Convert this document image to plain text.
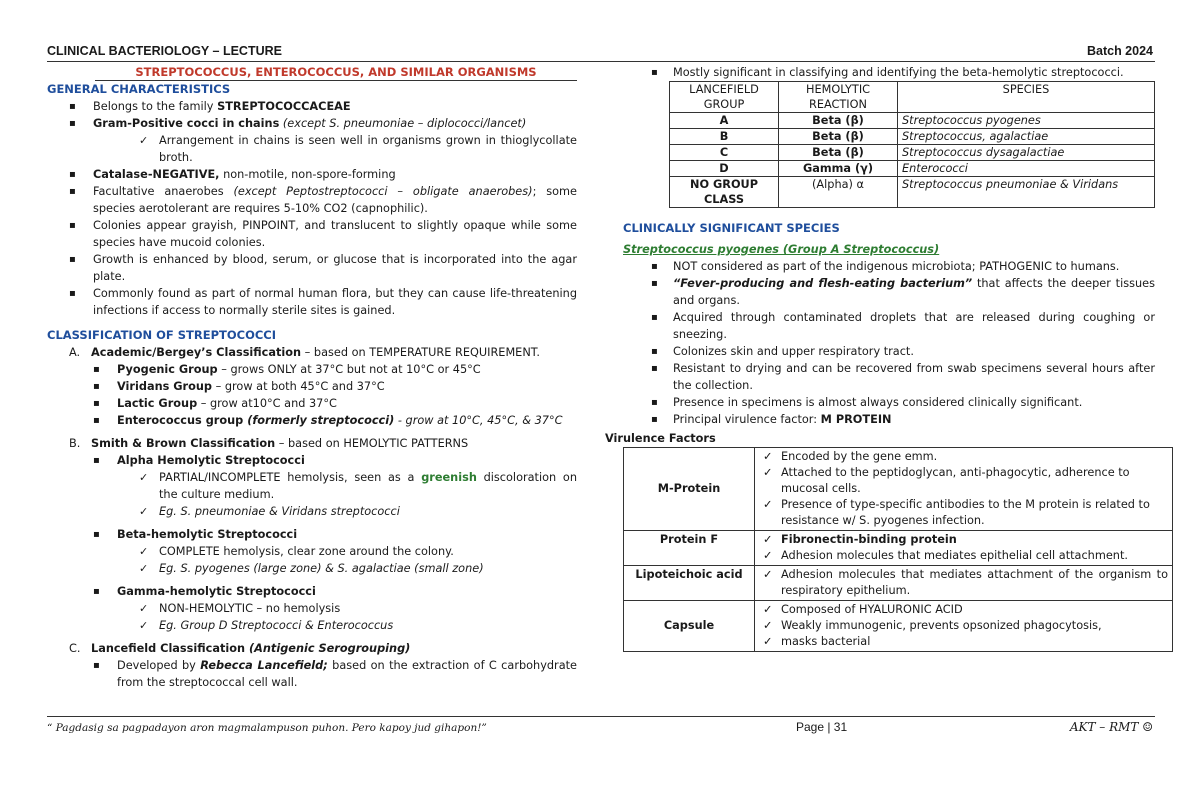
CLINICAL BACTERIOLOGY – LECTURE	Batch 2024
STREPTOCOCCUS, ENTEROCOCCUS, AND SIMILAR ORGANISMS
GENERAL CHARACTERISTICS
▪ Belongs to the family STREPTOCOCCACEAE
▪ Gram-Positive cocci in chains (except S. pneumoniae – diplococci/lancet)
✓ Arrangement in chains is seen well in organisms grown in thioglycollate broth.
▪ Catalase-NEGATIVE, non-motile, non-spore-forming
▪ Facultative anaerobes (except Peptostreptococci – obligate anaerobes); some species aerotolerant are requires 5-10% CO2 (capnophilic).
▪ Colonies appear grayish, PINPOINT, and translucent to slightly opaque while some species have mucoid colonies.
▪ Growth is enhanced by blood, serum, or glucose that is incorporated into the agar plate.
▪ Commonly found as part of normal human flora, but they can cause life-threatening infections if access to normally sterile sites is gained.
CLASSIFICATION OF STREPTOCOCCI
A. Academic/Bergey’s Classification – based on TEMPERATURE REQUIREMENT.
▪ Pyogenic Group – grows ONLY at 37°C but not at 10°C or 45°C
▪ Viridans Group – grow at both 45°C and 37°C
▪ Lactic Group – grow at10°C and 37°C
▪ Enterococcus group (formerly streptococci) - grow at 10°C, 45°C, & 37°C
B. Smith & Brown Classification – based on HEMOLYTIC PATTERNS
▪ Alpha Hemolytic Streptococci
✓ PARTIAL/INCOMPLETE hemolysis, seen as a greenish discoloration on the culture medium.
✓ Eg. S. pneumoniae & Viridans streptococci
▪ Beta-hemolytic Streptococci
✓ COMPLETE hemolysis, clear zone around the colony.
✓ Eg. S. pyogenes (large zone) & S. agalactiae (small zone)
▪ Gamma-hemolytic Streptococci
✓ NON-HEMOLYTIC – no hemolysis
✓ Eg. Group D Streptococci & Enterococcus
C. Lancefield Classification (Antigenic Serogrouping)
▪ Developed by Rebecca Lancefield; based on the extraction of C carbohydrate from the streptococcal cell wall.
▪ Mostly significant in classifying and identifying the beta-hemolytic streptococci.
LANCEFIELD GROUP	HEMOLYTIC REACTION	SPECIES
A	Beta (β)	Streptococcus pyogenes
B	Beta (β)	Streptococcus, agalactiae
C	Beta (β)	Streptococcus dysagalactiae
D	Gamma (γ)	Enterococci
NO GROUP CLASS	(Alpha) α	Streptococcus pneumoniae & Viridans
CLINICALLY SIGNIFICANT SPECIES
Streptococcus pyogenes (Group A Streptococcus)
▪ NOT considered as part of the indigenous microbiota; PATHOGENIC to humans.
▪ “Fever-producing and flesh-eating bacterium” that affects the deeper tissues and organs.
▪ Acquired through contaminated droplets that are released during coughing or sneezing.
▪ Colonizes skin and upper respiratory tract.
▪ Resistant to drying and can be recovered from swab specimens several hours after the collection.
▪ Presence in specimens is almost always considered clinically significant.
▪ Principal virulence factor: M PROTEIN
Virulence Factors
M-Protein	✓ Encoded by the gene emm.
✓ Attached to the peptidoglycan, anti-phagocytic, adherence to mucosal cells.
✓ Presence of type-specific antibodies to the M protein is related to resistance w/ S. pyogenes infection.

Protein F	✓ Fibronectin-binding protein
✓ Adhesion molecules that mediates epithelial cell attachment.

Lipoteichoic acid	✓ Adhesion molecules that mediates attachment of the organism to respiratory epithelium.

Capsule	✓ Composed of HYALURONIC ACID
✓ Weakly immunogenic, prevents opsonized phagocytosis,
✓ masks bacterial
“ Pagdasig sa pagpadayon aron magmalampuson puhon. Pero kapoy jud gihapon!”	Page | 31	AKT – RMT ☺
